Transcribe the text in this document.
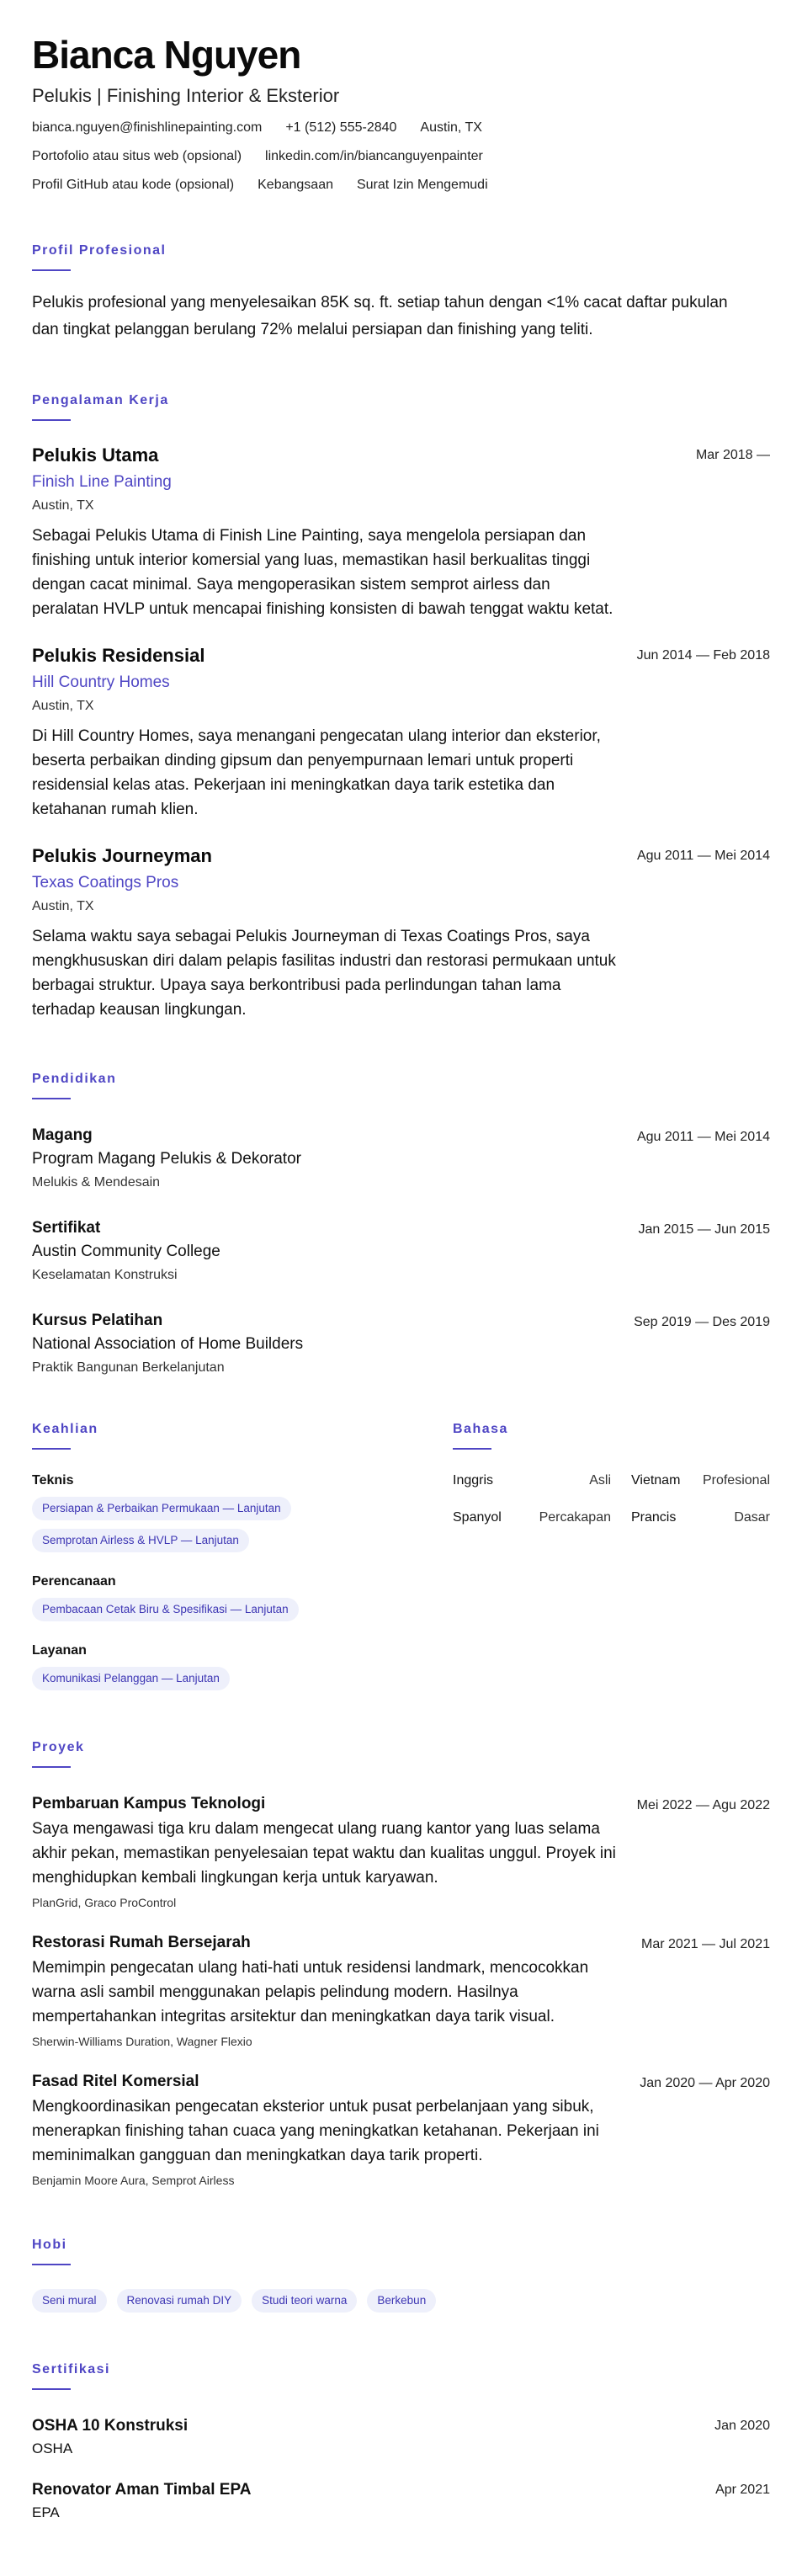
Bianca Nguyen
Pelukis | Finishing Interior & Eksterior
bianca.nguyen@finishlinepainting.com +1 (512) 555-2840 Austin, TX
Portofolio atau situs web (opsional) linkedin.com/in/biancanguyenpainter
Profil GitHub atau kode (opsional) Kebangsaan Surat Izin Mengemudi
Profil Profesional

Pelukis profesional yang menyelesaikan 85K sq. ft. setiap tahun dengan <1% cacat daftar pukulan dan tingkat pelanggan berulang 72% melalui persiapan dan finishing yang teliti.

Pengalaman Kerja
Pelukis Utama
Finish Line Painting
Austin, TX

Sebagai Pelukis Utama di Finish Line Painting, saya mengelola persiapan dan finishing untuk interior komersial yang luas, memastikan hasil berkualitas tinggi dengan cacat minimal. Saya mengoperasikan sistem semprot airless dan peralatan HVLP untuk mencapai finishing konsisten di bawah tenggat waktu ketat.

Mar 2018 —
Pelukis Residensial
Hill Country Homes
Austin, TX

Di Hill Country Homes, saya menangani pengecatan ulang interior dan eksterior, beserta perbaikan dinding gipsum dan penyempurnaan lemari untuk properti residensial kelas atas. Pekerjaan ini meningkatkan daya tarik estetika dan ketahanan rumah klien.

Jun 2014 — Feb 2018
Pelukis Journeyman
Texas Coatings Pros
Austin, TX

Selama waktu saya sebagai Pelukis Journeyman di Texas Coatings Pros, saya mengkhususkan diri dalam pelapis fasilitas industri dan restorasi permukaan untuk berbagai struktur. Upaya saya berkontribusi pada perlindungan tahan lama terhadap keausan lingkungan.

Agu 2011 — Mei 2014
Pendidikan
Magang
Program Magang Pelukis & Dekorator
Melukis & Mendesain
Agu 2011 — Mei 2014
Sertifikat
Austin Community College
Keselamatan Konstruksi
Jan 2015 — Jun 2015
Kursus Pelatihan
National Association of Home Builders
Praktik Bangunan Berkelanjutan
Sep 2019 — Des 2019
Keahlian
Teknis
Persiapan & Perbaikan Permukaan — Lanjutan
Semprotan Airless & HVLP — Lanjutan
Perencanaan
Pembacaan Cetak Biru & Spesifikasi — Lanjutan
Layanan
Komunikasi Pelanggan — Lanjutan
Bahasa
Inggris	Asli Vietnam Profesional
Spanyol	Percakapan Prancis	Dasar
Proyek
Pembaruan Kampus Teknologi

Saya mengawasi tiga kru dalam mengecat ulang ruang kantor yang luas selama akhir pekan, memastikan penyelesaian tepat waktu dan kualitas unggul. Proyek ini menghidupkan kembali lingkungan kerja untuk karyawan.

PlanGrid, Graco ProControl
Mei 2022 — Agu 2022
Restorasi Rumah Bersejarah

Memimpin pengecatan ulang hati-hati untuk residensi landmark, mencocokkan warna asli sambil menggunakan pelapis pelindung modern. Hasilnya mempertahankan integritas arsitektur dan meningkatkan daya tarik visual.

Sherwin-Williams Duration, Wagner Flexio
Mar 2021 — Jul 2021
Fasad Ritel Komersial

Mengkoordinasikan pengecatan eksterior untuk pusat perbelanjaan yang sibuk, menerapkan finishing tahan cuaca yang meningkatkan ketahanan. Pekerjaan ini meminimalkan gangguan dan meningkatkan daya tarik properti.

Benjamin Moore Aura, Semprot Airless
Jan 2020 — Apr 2020
Hobi
Seni mural	Renovasi rumah DIY	Studi teori warna	Berkebun
Sertifikasi
OSHA 10 Konstruksi
OSHA
Jan 2020
Renovator Aman Timbal EPA
EPA
Apr 2021
